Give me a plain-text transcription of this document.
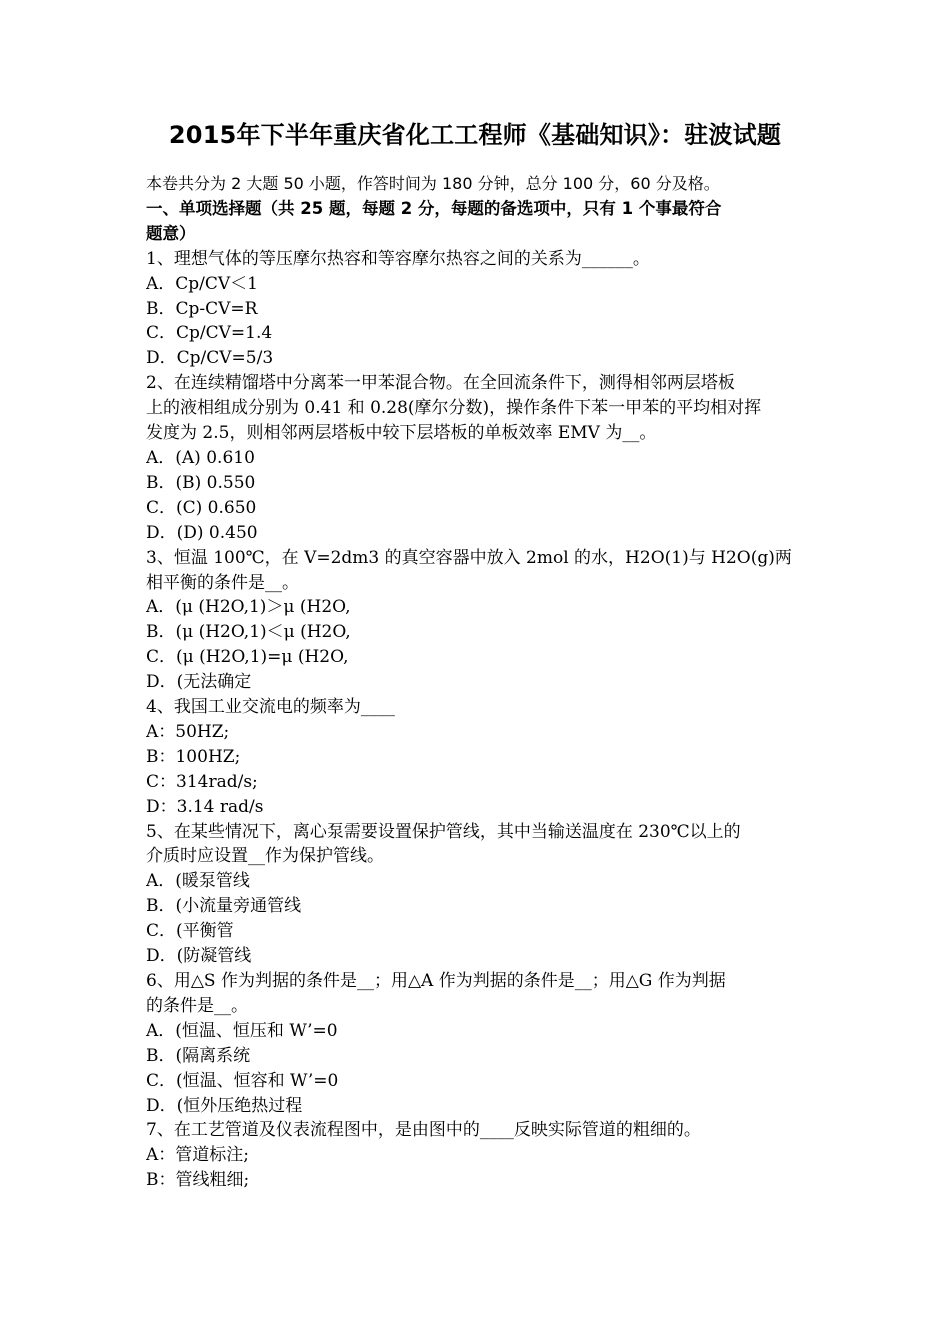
2015年下半年重庆省化工工程师《基础知识》：驻波试题
本卷共分为 2 大题 50 小题，作答时间为 180 分钟，总分 100 分，60 分及格。
一、单项选择题（共 25 题，每题 2 分，每题的备选项中，只有 1 个事最符合
题意）
1、理想气体的等压摩尔热容和等容摩尔热容之间的关系为______。
A．Cp/CV＜1
B．Cp-CV=R
C．Cp/CV=1.4
D．Cp/CV=5/3
2、在连续精馏塔中分离苯一甲苯混合物。在全回流条件下，测得相邻两层塔板
上的液相组成分别为 0.41 和 0.28(摩尔分数)，操作条件下苯一甲苯的平均相对挥
发度为 2.5，则相邻两层塔板中较下层塔板的单板效率 EMV 为__。
A．(A) 0.610
B．(B) 0.550
C．(C) 0.650
D．(D) 0.450
3、恒温 100℃，在 V=2dm3 的真空容器中放入 2mol 的水，H2O(1)与 H2O(g)两
相平衡的条件是__。
A．(μ (H2O,1)＞μ (H2O,
B．(μ (H2O,1)＜μ (H2O,
C．(μ (H2O,1)=μ (H2O,
D．(无法确定
4、我国工业交流电的频率为____
A：50HZ;
B：100HZ;
C：314rad/s;
D：3.14 rad/s
5、在某些情况下，离心泵需要设置保护管线，其中当输送温度在 230℃以上的
介质时应设置__作为保护管线。
A．(暖泵管线
B．(小流量旁通管线
C．(平衡管
D．(防凝管线
6、用△S 作为判据的条件是__；用△A 作为判据的条件是__；用△G 作为判据
的条件是__。
A．(恒温、恒压和 W’=0
B．(隔离系统
C．(恒温、恒容和 W’=0
D．(恒外压绝热过程
7、在工艺管道及仪表流程图中，是由图中的____反映实际管道的粗细的。
A：管道标注;
B：管线粗细;
